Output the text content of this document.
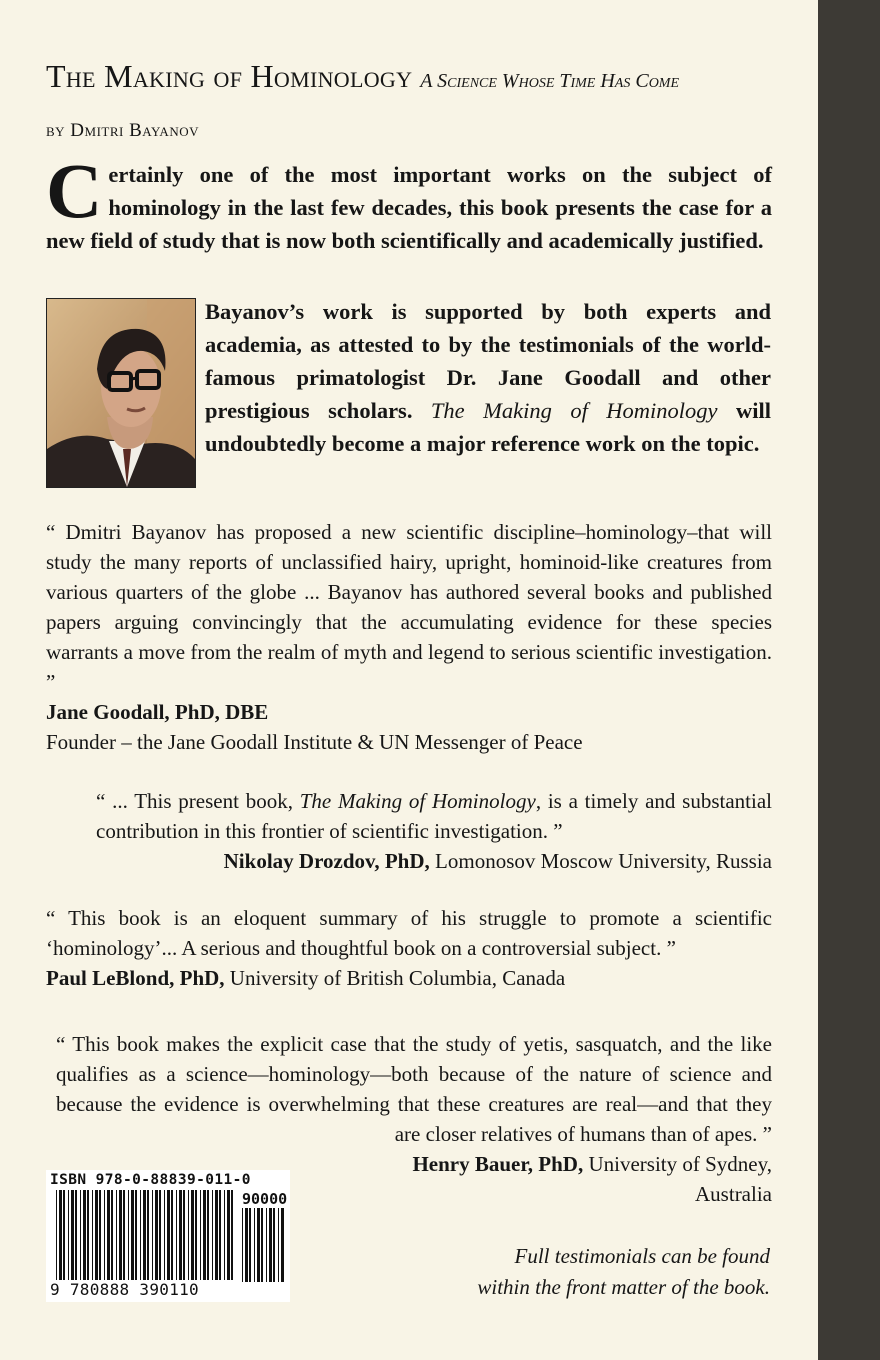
The Making of Hominology A Science Whose Time Has Come
by Dmitri Bayanov
Certainly one of the most important works on the subject of hominology in the last few decades, this book presents the case for a new field of study that is now both scientifically and academically justified.
Bayanov’s work is supported by both experts and academia, as attested to by the testimonials of the world-famous primatologist Dr. Jane Goodall and other prestigious scholars. The Making of Hominology will undoubtedly become a major reference work on the topic.
“ Dmitri Bayanov has proposed a new scientific discipline–hominology–that will study the many reports of unclassified hairy, upright, hominoid-like creatures from various quarters of the globe ... Bayanov has authored several books and published papers arguing convincingly that the accumulating evidence for these species warrants a move from the realm of myth and legend to serious scientific investigation. ”
Jane Goodall, PhD, DBE
Founder – the Jane Goodall Institute & UN Messenger of Peace
“ ... This present book, The Making of Hominology, is a timely and substantial contribution in this frontier of scientific investigation. ”
Nikolay Drozdov, PhD, Lomonosov Moscow University, Russia
“ This book is an eloquent summary of his struggle to promote a scientific ‘hominology’... A serious and thoughtful book on a controversial subject. ”
Paul LeBlond, PhD, University of British Columbia, Canada
“ This book makes the explicit case that the study of yetis, sasquatch, and the like qualifies as a science—hominology—both because of the nature of science and because the evidence is overwhelming that these creatures are real—and that they are closer relatives of humans than of apes. ”
Henry Bauer, PhD, University of Sydney,
Australia
ISBN 978-0-88839-011-0
90000
9 780888 390110
Full testimonials can be found
within the front matter of the book.
